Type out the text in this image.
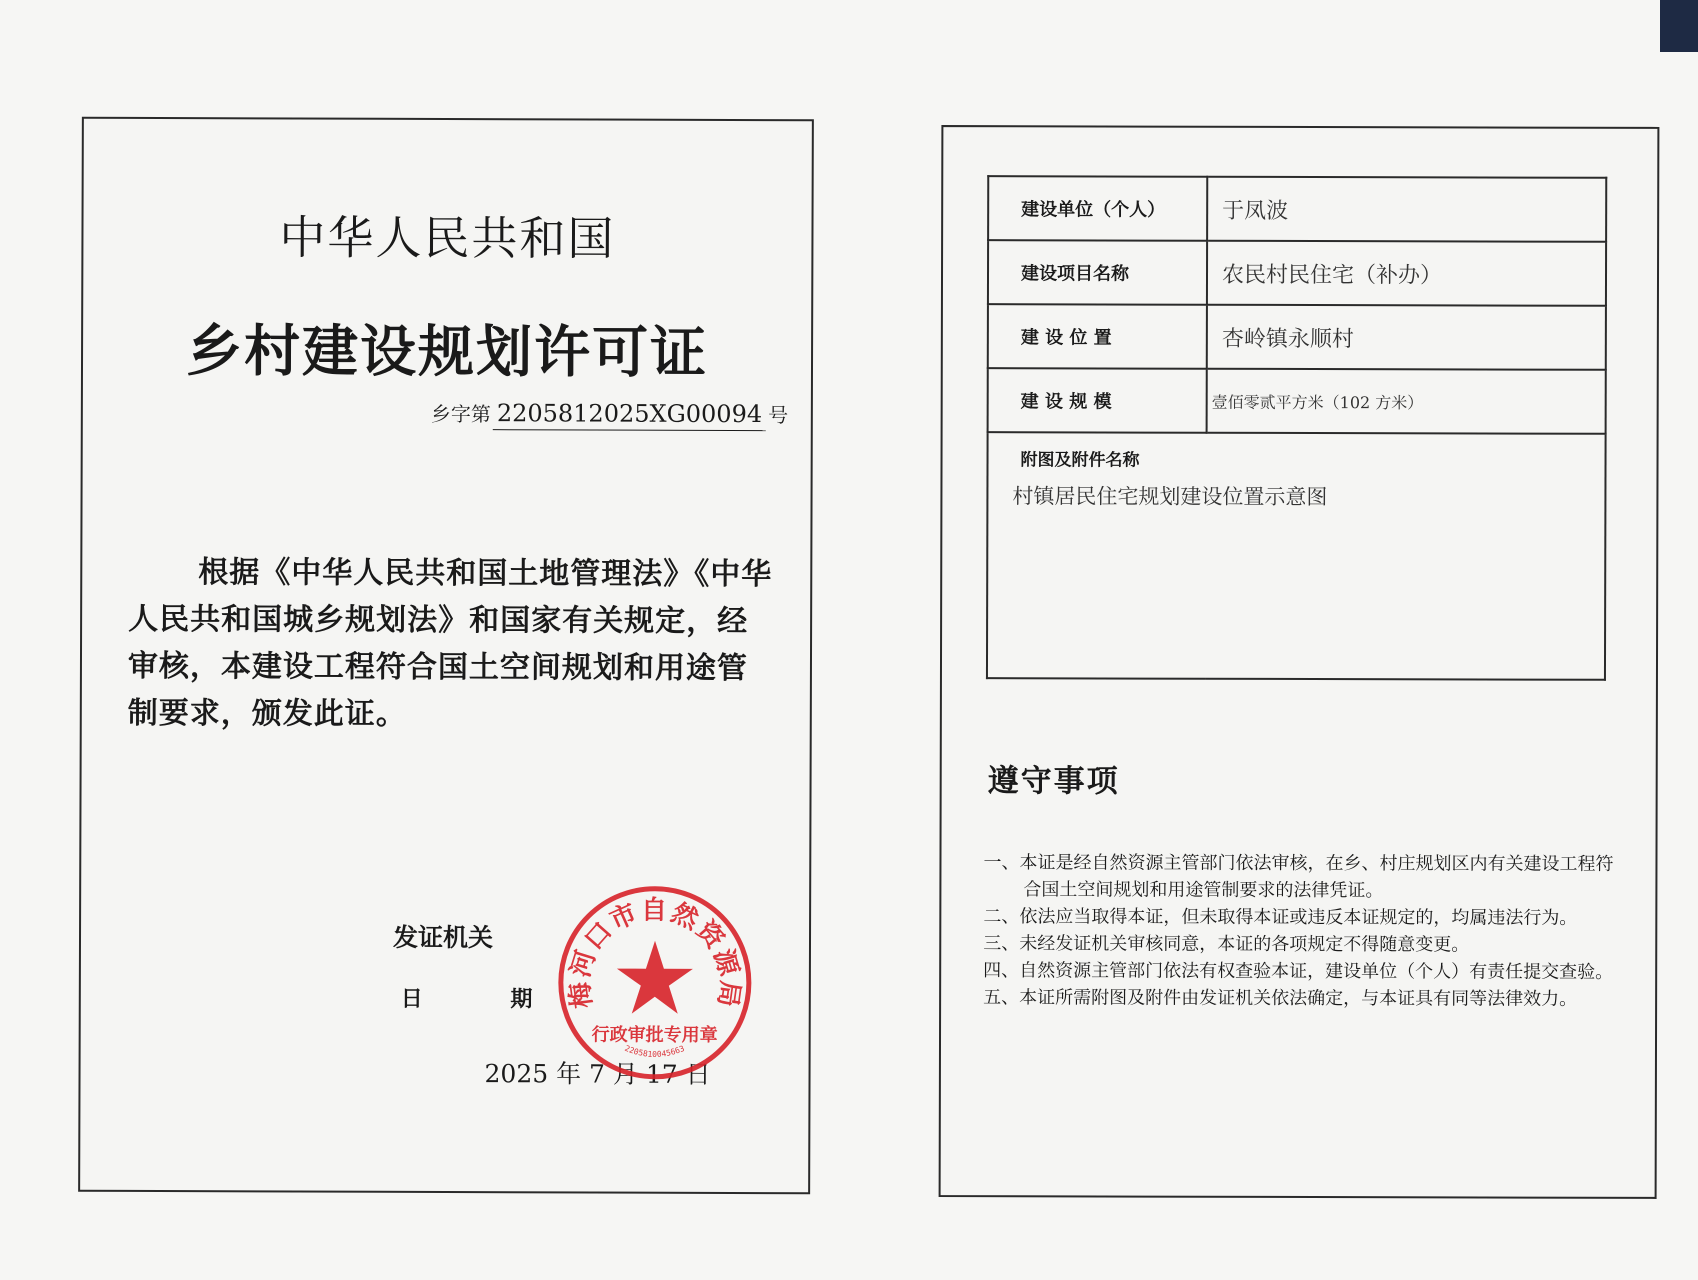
中华人民共和国
乡村建设规划许可证
乡字第 2205812025XG00094 号
根据《中华人民共和国土地管理法》《中华人民共和国城乡规划法》和国家有关规定，经审核，本建设工程符合国土空间规划和用途管制要求，颁发此证。
发证机关
日 期
2025 年 7 月 17 日
梅河口市自然资源局
行政审批专用章
2205810045663
建设单位（个人）	于凤波
建设项目名称	农民村民住宅（补办）
建 设 位 置	杏岭镇永顺村
建 设 规 模	壹佰零贰平方米（102 方米）

附图及附件名称
村镇居民住宅规划建设位置示意图	
遵守事项
一、本证是经自然资源主管部门依法审核，在乡、村庄规划区内有关建设工程符合国土空间规划和用途管制要求的法律凭证。
二、依法应当取得本证，但未取得本证或违反本证规定的，均属违法行为。
三、未经发证机关审核同意，本证的各项规定不得随意变更。
四、自然资源主管部门依法有权查验本证，建设单位（个人）有责任提交查验。
五、本证所需附图及附件由发证机关依法确定，与本证具有同等法律效力。
